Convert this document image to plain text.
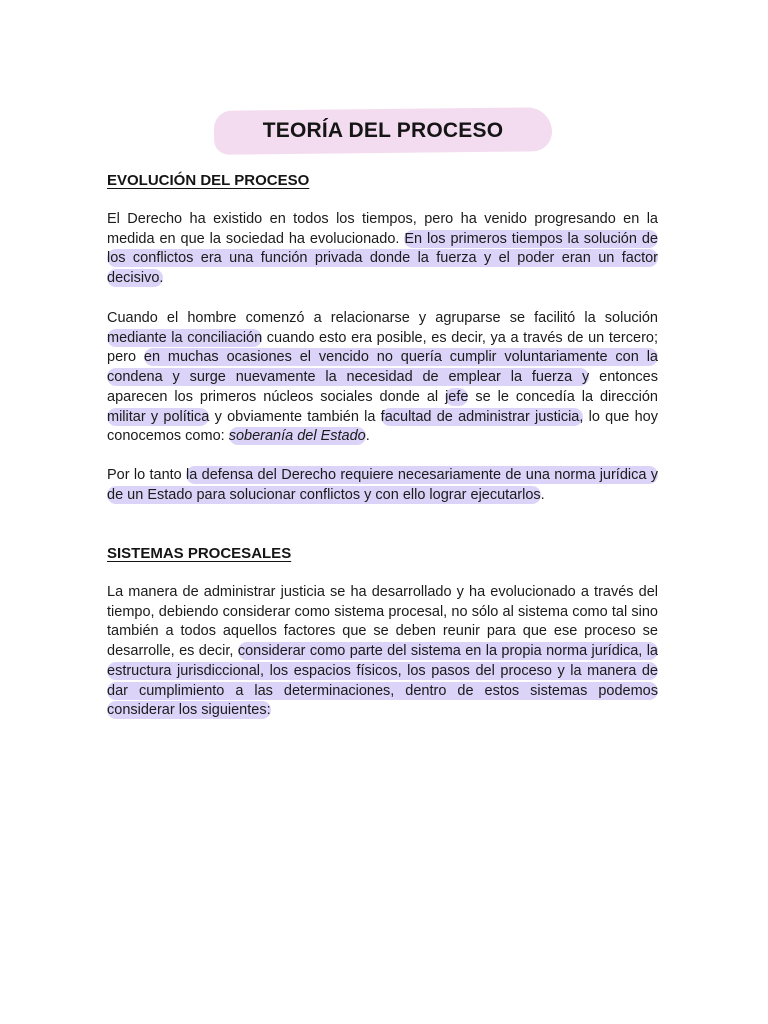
TEORÍA DEL PROCESO
EVOLUCIÓN DEL PROCESO

El Derecho ha existido en todos los tiempos, pero ha venido progresando en la medida en que la sociedad ha evolucionado. En los primeros tiempos la solución de los conflictos era una función privada donde la fuerza y el poder eran un factor decisivo.

Cuando el hombre comenzó a relacionarse y agruparse se facilitó la solución mediante la conciliación cuando esto era posible, es decir, ya a través de un tercero; pero en muchas ocasiones el vencido no quería cumplir voluntariamente con la condena y surge nuevamente la necesidad de emplear la fuerza y entonces aparecen los primeros núcleos sociales donde al jefe se le concedía la dirección militar y política y obviamente también la facultad de administrar justicia, lo que hoy conocemos como: soberanía del Estado.

Por lo tanto la defensa del Derecho requiere necesariamente de una norma jurídica y de un Estado para solucionar conflictos y con ello lograr ejecutarlos.

SISTEMAS PROCESALES

La manera de administrar justicia se ha desarrollado y ha evolucionado a través del tiempo, debiendo considerar como sistema procesal, no sólo al sistema como tal sino también a todos aquellos factores que se deben reunir para que ese proceso se desarrolle, es decir, considerar como parte del sistema en la propia norma jurídica, la estructura jurisdiccional, los espacios físicos, los pasos del proceso y la manera de dar cumplimiento a las determinaciones, dentro de estos sistemas podemos considerar los siguientes:
